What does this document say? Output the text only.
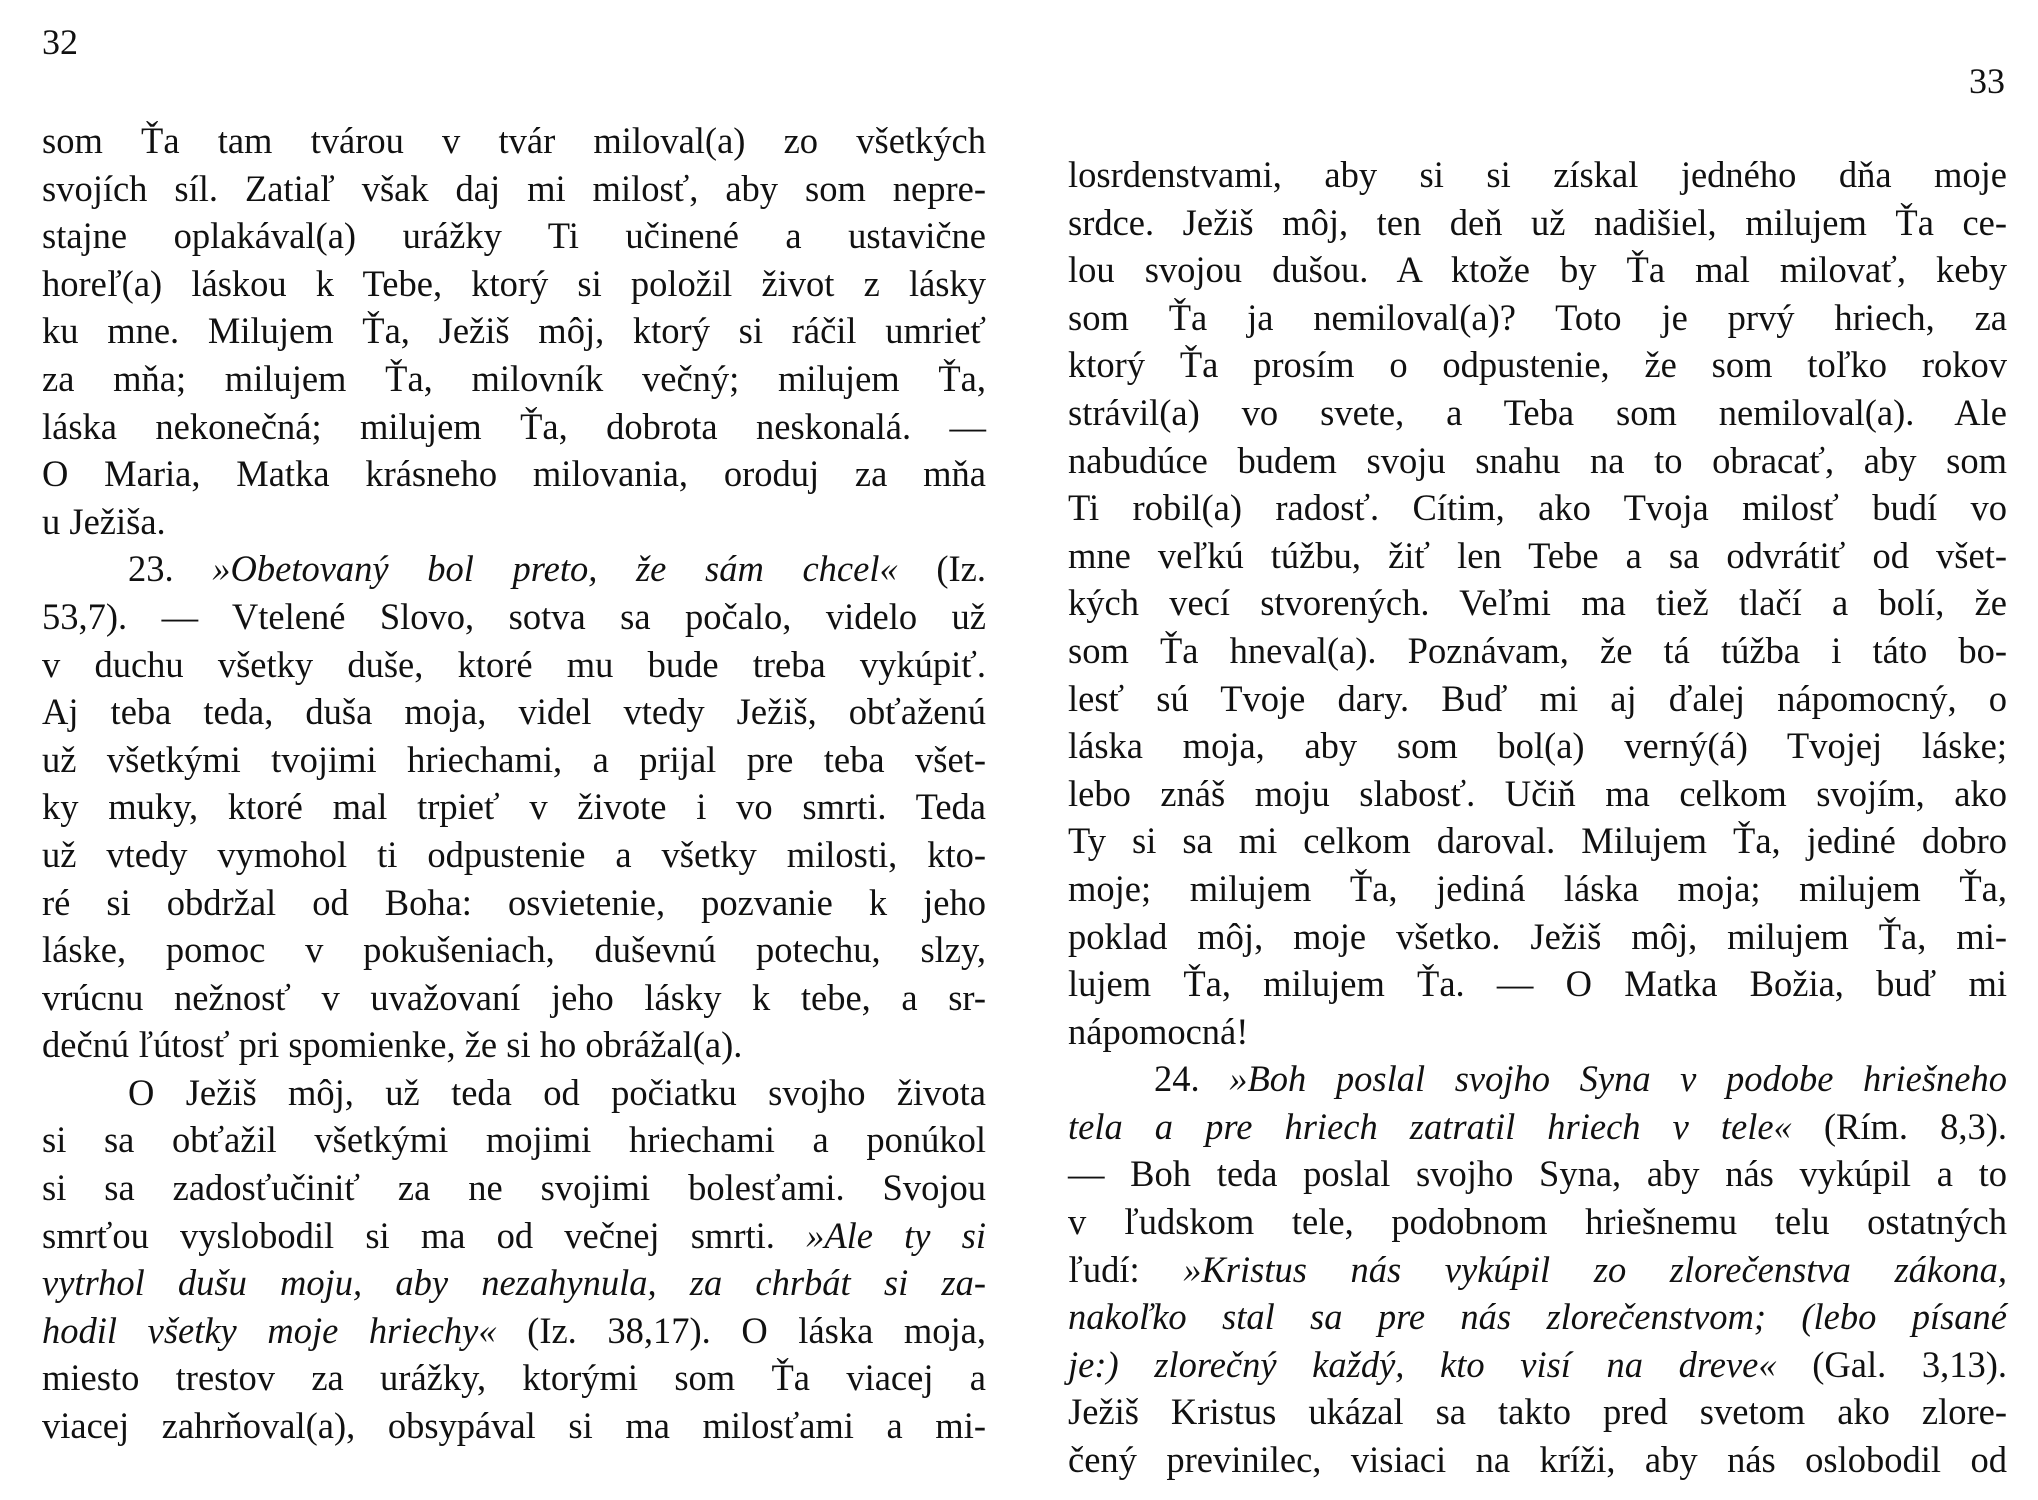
32
33
som Ťa tam tvárou v tvár miloval(a) zo všetkých
svojích síl. Zatiaľ však daj mi milosť, aby som nepre-
stajne oplakával(a) urážky Ti učinené a ustavične
horeľ(a) láskou k Tebe, ktorý si položil život z lásky
ku mne. Milujem Ťa, Ježiš môj, ktorý si ráčil umrieť
za mňa; milujem Ťa, milovník večný; milujem Ťa,
láska nekonečná; milujem Ťa, dobrota neskonalá. —
O Maria, Matka krásneho milovania, oroduj za mňa
u Ježiša.
23. »Obetovaný bol preto, že sám chcel« (Iz.
53,7). — Vtelené Slovo, sotva sa počalo, videlo už
v duchu všetky duše, ktoré mu bude treba vykúpiť.
Aj teba teda, duša moja, videl vtedy Ježiš, obťaženú
už všetkými tvojimi hriechami, a prijal pre teba všet-
ky muky, ktoré mal trpieť v živote i vo smrti. Teda
už vtedy vymohol ti odpustenie a všetky milosti, kto-
ré si obdržal od Boha: osvietenie, pozvanie k jeho
láske, pomoc v pokušeniach, duševnú potechu, slzy,
vrúcnu nežnosť v uvažovaní jeho lásky k tebe, a sr-
dečnú ľútosť pri spomienke, že si ho obrážal(a).
O Ježiš môj, už teda od počiatku svojho života
si sa obťažil všetkými mojimi hriechami a ponúkol
si sa zadosťučiniť za ne svojimi bolesťami. Svojou
smrťou vyslobodil si ma od večnej smrti. »Ale ty si
vytrhol dušu moju, aby nezahynula, za chrbát si za-
hodil všetky moje hriechy« (Iz. 38,17). O láska moja,
miesto trestov za urážky, ktorými som Ťa viacej a
viacej zahrňoval(a), obsypával si ma milosťami a mi-
losrdenstvami, aby si si získal jedného dňa moje
srdce. Ježiš môj, ten deň už nadišiel, milujem Ťa ce-
lou svojou dušou. A ktože by Ťa mal milovať, keby
som Ťa ja nemiloval(a)? Toto je prvý hriech, za
ktorý Ťa prosím o odpustenie, že som toľko rokov
strávil(a) vo svete, a Teba som nemiloval(a). Ale
nabudúce budem svoju snahu na to obracať, aby som
Ti robil(a) radosť. Cítim, ako Tvoja milosť budí vo
mne veľkú túžbu, žiť len Tebe a sa odvrátiť od všet-
kých vecí stvorených. Veľmi ma tiež tlačí a bolí, že
som Ťa hneval(a). Poznávam, že tá túžba i táto bo-
lesť sú Tvoje dary. Buď mi aj ďalej nápomocný, o
láska moja, aby som bol(a) verný(á) Tvojej láske;
lebo znáš moju slabosť. Učiň ma celkom svojím, ako
Ty si sa mi celkom daroval. Milujem Ťa, jediné dobro
moje; milujem Ťa, jediná láska moja; milujem Ťa,
poklad môj, moje všetko. Ježiš môj, milujem Ťa, mi-
lujem Ťa, milujem Ťa. — O Matka Božia, buď mi
nápomocná!
24. »Boh poslal svojho Syna v podobe hriešneho
tela a pre hriech zatratil hriech v tele« (Rím. 8,3).
— Boh teda poslal svojho Syna, aby nás vykúpil a to
v ľudskom tele, podobnom hriešnemu telu ostatných
ľudí: »Kristus nás vykúpil zo zlorečenstva zákona,
nakoľko stal sa pre nás zlorečenstvom; (lebo písané
je:) zlorečný každý, kto visí na dreve« (Gal. 3,13).
Ježiš Kristus ukázal sa takto pred svetom ako zlore-
čený previnilec, visiaci na kríži, aby nás oslobodil od
